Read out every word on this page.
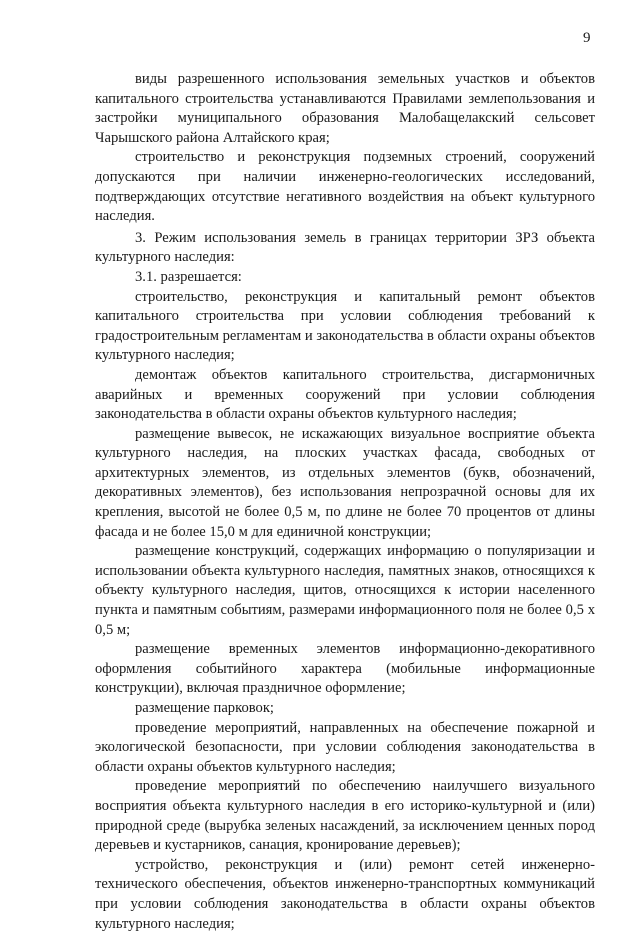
9

виды разрешенного использования земельных участков и объектов капитального строительства устанавливаются Правилами землепользования и застройки муниципального образования Малобащелакский сельсовет Чарышского района Алтайского края;

строительство и реконструкция подземных строений, сооружений допускаются при наличии инженерно-геологических исследований, подтверждающих отсутствие негативного воздействия на объект культурного наследия.

3. Режим использования земель в границах территории ЗРЗ объекта культурного наследия:

3.1. разрешается:

строительство, реконструкция и капитальный ремонт объектов капитального строительства при условии соблюдения требований к градостроительным регламентам и законодательства в области охраны объектов культурного наследия;

демонтаж объектов капитального строительства, дисгармоничных аварийных и временных сооружений при условии соблюдения законодательства в области охраны объектов культурного наследия;

размещение вывесок, не искажающих визуальное восприятие объекта культурного наследия, на плоских участках фасада, свободных от архитектурных элементов, из отдельных элементов (букв, обозначений, декоративных элементов), без использования непрозрачной основы для их крепления, высотой не более 0,5 м, по длине не более 70 процентов от длины фасада и не более 15,0 м для единичной конструкции;

размещение конструкций, содержащих информацию о популяризации и использовании объекта культурного наследия, памятных знаков, относящихся к объекту культурного наследия, щитов, относящихся к истории населенного пункта и памятным событиям, размерами информационного поля не более 0,5 х 0,5 м;

размещение временных элементов информационно-декоративного оформления событийного характера (мобильные информационные конструкции), включая праздничное оформление;

размещение парковок;

проведение мероприятий, направленных на обеспечение пожарной и экологической безопасности, при условии соблюдения законодательства в области охраны объектов культурного наследия;

проведение мероприятий по обеспечению наилучшего визуального восприятия объекта культурного наследия в его историко-культурной и (или) природной среде (вырубка зеленых насаждений, за исключением ценных пород деревьев и кустарников, санация, кронирование деревьев);

устройство, реконструкция и (или) ремонт сетей инженерно-технического обеспечения, объектов инженерно-транспортных коммуникаций при условии соблюдения законодательства в области охраны объектов культурного наследия;
